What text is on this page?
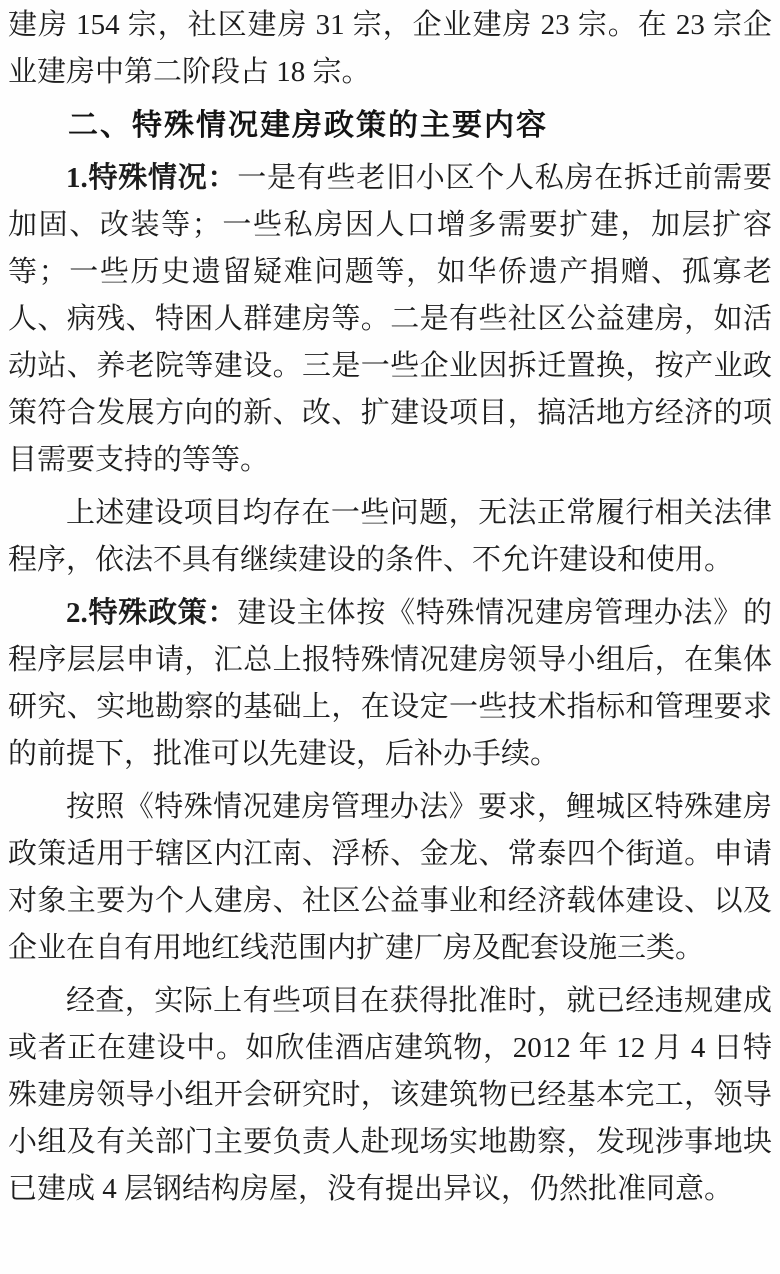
建房 154 宗，社区建房 31 宗，企业建房 23 宗。在 23 宗企业建房中第二阶段占 18 宗。

二、特殊情况建房政策的主要内容

1.特殊情况：一是有些老旧小区个人私房在拆迁前需要加固、改装等；一些私房因人口增多需要扩建，加层扩容等；一些历史遗留疑难问题等，如华侨遗产捐赠、孤寡老人、病残、特困人群建房等。二是有些社区公益建房，如活动站、养老院等建设。三是一些企业因拆迁置换，按产业政策符合发展方向的新、改、扩建设项目，搞活地方经济的项目需要支持的等等。

上述建设项目均存在一些问题，无法正常履行相关法律程序，依法不具有继续建设的条件、不允许建设和使用。

2.特殊政策：建设主体按《特殊情况建房管理办法》的程序层层申请，汇总上报特殊情况建房领导小组后，在集体研究、实地勘察的基础上，在设定一些技术指标和管理要求的前提下，批准可以先建设，后补办手续。

按照《特殊情况建房管理办法》要求，鲤城区特殊建房政策适用于辖区内江南、浮桥、金龙、常泰四个街道。申请对象主要为个人建房、社区公益事业和经济载体建设、以及企业在自有用地红线范围内扩建厂房及配套设施三类。

经查，实际上有些项目在获得批准时，就已经违规建成或者正在建设中。如欣佳酒店建筑物，2012 年 12 月 4 日特殊建房领导小组开会研究时，该建筑物已经基本完工，领导小组及有关部门主要负责人赴现场实地勘察，发现涉事地块已建成 4 层钢结构房屋，没有提出异议，仍然批准同意。
